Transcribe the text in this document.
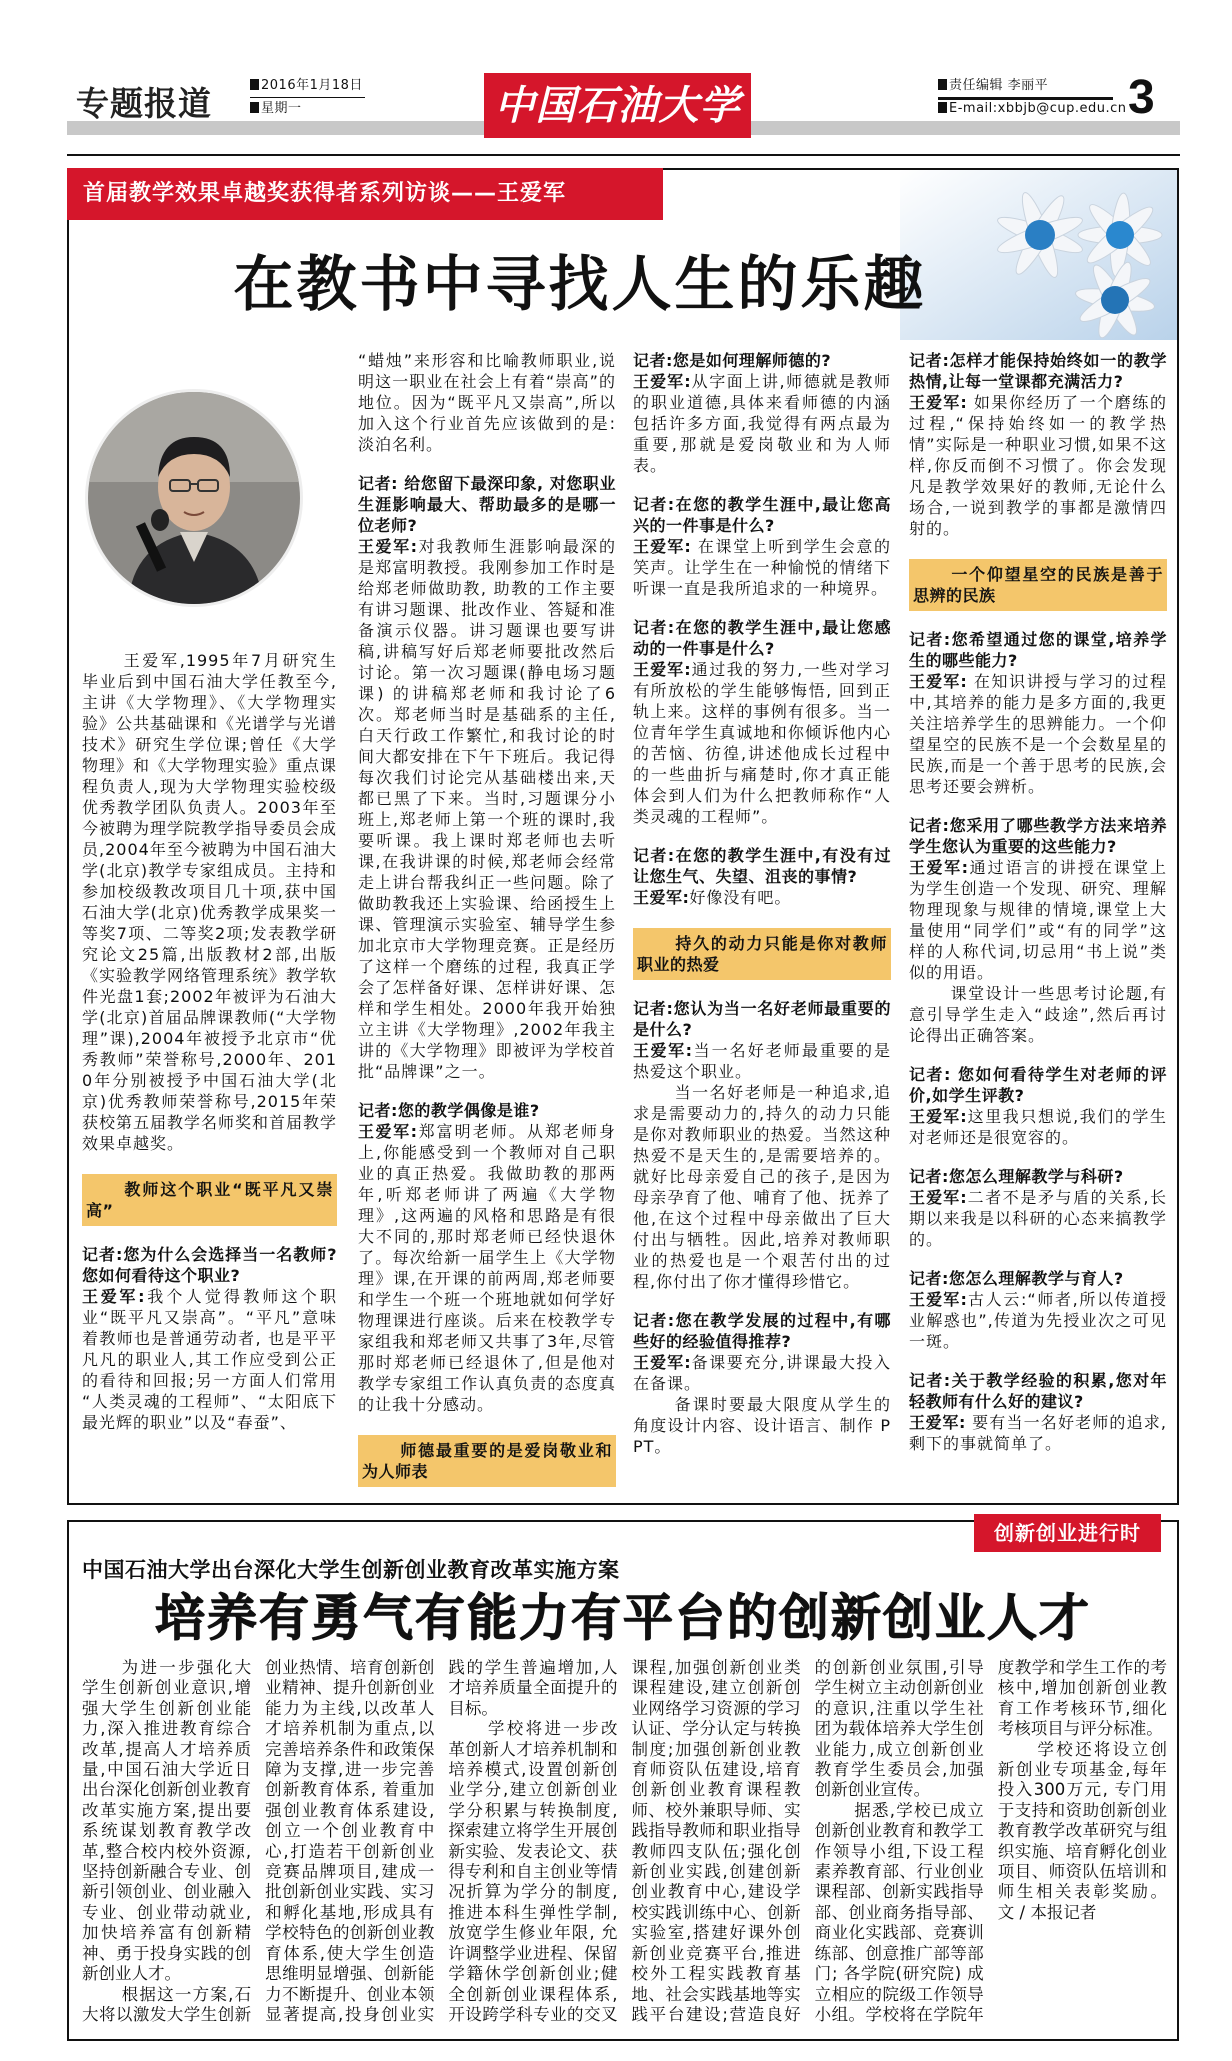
专题报道	2016年1月18日
星期一	中国石油大学	责任编辑 李丽平
E-mail:xbbjb@cup.edu.cn 3
首届教学效果卓越奖获得者系列访谈——王爱军
在教书中寻找人生的乐趣
王爱军,1995年7月研究生毕业后到中国石油大学任教至今,主讲《大学物理》、《大学物理实验》公共基础课和《光谱学与光谱技术》研究生学位课;曾任《大学物理》和《大学物理实验》重点课程负责人,现为大学物理实验校级优秀教学团队负责人。2003年至今被聘为理学院教学指导委员会成员,2004年至今被聘为中国石油大学(北京)教学专家组成员。主持和参加校级教改项目几十项,获中国石油大学(北京)优秀教学成果奖一等奖7项、二等奖2项;发表教学研究论文25篇,出版教材2部,出版《实验教学网络管理系统》教学软件光盘1套;2002年被评为石油大学(北京)首届品牌课教师(“大学物理”课),2004年被授予北京市“优秀教师”荣誉称号,2000年、2010年分别被授予中国石油大学(北京)优秀教师荣誉称号,2015年荣获校第五届教学名师奖和首届教学效果卓越奖。
教师这个职业“既平凡又崇高”
记者:您为什么会选择当一名教师? 您如何看待这个职业?
王爱军:我个人觉得教师这个职业“既平凡又崇高”。“平凡”意味着教师也是普通劳动者, 也是平平凡凡的职业人,其工作应受到公正的看待和回报;另一方面人们常用 “人类灵魂的工程师”、“太阳底下最光辉的职业”以及“春蚕”、
“蜡烛”来形容和比喻教师职业,说明这一职业在社会上有着“崇高”的地位。因为“既平凡又崇高”,所以加入这个行业首先应该做到的是:淡泊名利。
记者: 给您留下最深印象, 对您职业生涯影响最大、帮助最多的是哪一位老师?
王爱军:对我教师生涯影响最深的是郑富明教授。我刚参加工作时是给郑老师做助教, 助教的工作主要有讲习题课、批改作业、答疑和准备演示仪器。讲习题课也要写讲稿,讲稿写好后郑老师要批改然后讨论。第一次习题课(静电场习题课) 的讲稿郑老师和我讨论了6次。郑老师当时是基础系的主任,白天行政工作繁忙,和我讨论的时间大都安排在下午下班后。我记得每次我们讨论完从基础楼出来,天都已黑了下来。当时,习题课分小班上,郑老师上第一个班的课时,我要听课。我上课时郑老师也去听课,在我讲课的时候,郑老师会经常走上讲台帮我纠正一些问题。除了做助教我还上实验课、给函授生上课、管理演示实验室、辅导学生参加北京市大学物理竞赛。正是经历了这样一个磨练的过程, 我真正学会了怎样备好课、怎样讲好课、怎样和学生相处。2000年我开始独立主讲《大学物理》,2002年我主讲的《大学物理》即被评为学校首批“品牌课”之一。
记者:您的教学偶像是谁?
王爱军:郑富明老师。从郑老师身上,你能感受到一个教师对自己职业的真正热爱。我做助教的那两年,听郑老师讲了两遍《大学物理》,这两遍的风格和思路是有很大不同的,那时郑老师已经快退休了。每次给新一届学生上《大学物理》课,在开课的前两周,郑老师要和学生一个班一个班地就如何学好物理课进行座谈。后来在校教学专家组我和郑老师又共事了3年,尽管那时郑老师已经退休了,但是他对教学专家组工作认真负责的态度真的让我十分感动。
师德最重要的是爱岗敬业和为人师表
记者:您是如何理解师德的?
王爱军:从字面上讲,师德就是教师的职业道德,具体来看师德的内涵包括许多方面,我觉得有两点最为重要,那就是爱岗敬业和为人师表。
记者:在您的教学生涯中,最让您高兴的一件事是什么?
王爱军: 在课堂上听到学生会意的笑声。让学生在一种愉悦的情绪下听课一直是我所追求的一种境界。
记者:在您的教学生涯中,最让您感动的一件事是什么?
王爱军:通过我的努力,一些对学习有所放松的学生能够悔悟, 回到正轨上来。这样的事例有很多。当一位青年学生真诚地和你倾诉他内心的苦恼、彷徨,讲述他成长过程中的一些曲折与痛楚时,你才真正能体会到人们为什么把教师称作“人类灵魂的工程师”。
记者:在您的教学生涯中,有没有过让您生气、失望、沮丧的事情?
王爱军:好像没有吧。
持久的动力只能是你对教师职业的热爱
记者:您认为当一名好老师最重要的是什么?
王爱军:当一名好老师最重要的是热爱这个职业。
当一名好老师是一种追求,追求是需要动力的,持久的动力只能是你对教师职业的热爱。当然这种热爱不是天生的,是需要培养的。就好比母亲爱自己的孩子,是因为母亲孕育了他、哺育了他、抚养了他,在这个过程中母亲做出了巨大付出与牺牲。因此,培养对教师职业的热爱也是一个艰苦付出的过程,你付出了你才懂得珍惜它。
记者:您在教学发展的过程中,有哪些好的经验值得推荐?
王爱军:备课要充分,讲课最大投入在备课。
备课时要最大限度从学生的角度设计内容、设计语言、制作 PPT。
记者:怎样才能保持始终如一的教学热情,让每一堂课都充满活力?
王爱军: 如果你经历了一个磨练的过程,“保持始终如一的教学热情”实际是一种职业习惯,如果不这样,你反而倒不习惯了。你会发现凡是教学效果好的教师,无论什么场合,一说到教学的事都是激情四射的。
一个仰望星空的民族是善于思辨的民族
记者:您希望通过您的课堂,培养学生的哪些能力?
王爱军: 在知识讲授与学习的过程中,其培养的能力是多方面的,我更关注培养学生的思辨能力。一个仰望星空的民族不是一个会数星星的民族,而是一个善于思考的民族,会思考还要会辨析。
记者:您采用了哪些教学方法来培养学生您认为重要的这些能力?
王爱军:通过语言的讲授在课堂上为学生创造一个发现、研究、理解物理现象与规律的情境,课堂上大量使用“同学们”或“有的同学”这样的人称代词,切忌用“书上说”类似的用语。
课堂设计一些思考讨论题,有意引导学生走入“歧途”,然后再讨论得出正确答案。
记者: 您如何看待学生对老师的评价,如学生评教?
王爱军:这里我只想说,我们的学生对老师还是很宽容的。
记者:您怎么理解教学与科研?
王爱军:二者不是矛与盾的关系,长期以来我是以科研的心态来搞教学的。
记者:您怎么理解教学与育人?
王爱军:古人云:“师者,所以传道授业解惑也”,传道为先授业次之可见一斑。
记者:关于教学经验的积累,您对年轻教师有什么好的建议?
王爱军: 要有当一名好老师的追求,剩下的事就简单了。
创新创业进行时
中国石油大学出台深化大学生创新创业教育改革实施方案
培养有勇气有能力有平台的创新创业人才

为进一步强化大学生创新创业意识,增强大学生创新创业能力,深入推进教育综合改革,提高人才培养质量,中国石油大学近日出台深化创新创业教育改革实施方案,提出要系统谋划教育教学改革,整合校内校外资源, 坚持创新融合专业、创新引领创业、创业融入专业、创业带动就业,加快培养富有创新精神、勇于投身实践的创新创业人才。

根据这一方案,石大将以激发大学生创新创业热情、培育创新创业精神、提升创新创业能力为主线,以改革人才培养机制为重点,以完善培养条件和政策保障为支撑,进一步完善创新教育体系, 着重加强创业教育体系建设,创立一个创业教育中心,打造若干创新创业竞赛品牌项目,建成一批创新创业实践、实习和孵化基地,形成具有学校特色的创新创业教育体系,使大学生创造思维明显增强、创新能力不断提升、创业本领显著提高,投身创业实践的学生普遍增加,人才培养质量全面提升的目标。

学校将进一步改革创新人才培养机制和培养模式,设置创新创业学分,建立创新创业学分积累与转换制度,探索建立将学生开展创新实验、发表论文、获得专利和自主创业等情况折算为学分的制度,推进本科生弹性学制, 放宽学生修业年限, 允许调整学业进程、保留学籍休学创新创业;健全创新创业课程体系,开设跨学科专业的交叉课程,加强创新创业类课程建设,建立创新创业网络学习资源的学习认证、学分认定与转换制度;加强创新创业教育师资队伍建设,培育创新创业教育课程教师、校外兼职导师、实践指导教师和职业指导教师四支队伍;强化创新创业实践,创建创新创业教育中心,建设学校实践训练中心、创新实验室,搭建好课外创新创业竞赛平台,推进校外工程实践教育基地、社会实践基地等实践平台建设;营造良好的创新创业氛围,引导学生树立主动创新创业的意识,注重以学生社团为载体培养大学生创业能力,成立创新创业教育学生委员会,加强创新创业宣传。

据悉,学校已成立创新创业教育和教学工作领导小组,下设工程素养教育部、行业创业课程部、创新实践指导部、创业商务指导部、商业化实践部、竞赛训练部、创意推广部等部门; 各学院(研究院) 成立相应的院级工作领导小组。学校将在学院年度教学和学生工作的考核中,增加创新创业教育工作考核环节,细化考核项目与评分标准。

学校还将设立创新创业专项基金,每年投入300万元, 专门用于支持和资助创新创业教育教学改革研究与组织实施、培育孵化创业项目、师资队伍培训和师生相关表彰奖励。 文 / 本报记者
